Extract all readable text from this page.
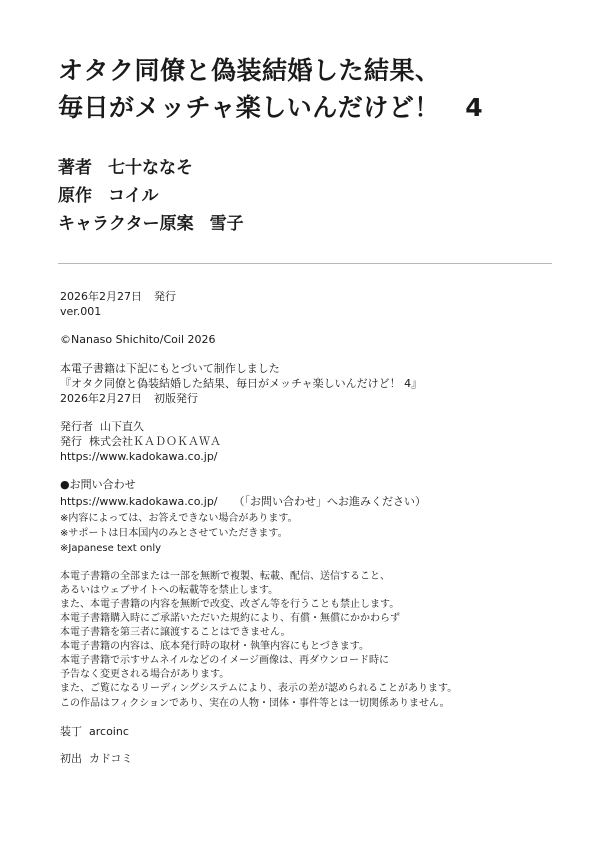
オタク同僚と偽装結婚した結果、
毎日がメッチャ楽しいんだけど！　4
著者 七十ななそ
原作 コイル
キャラクター原案 雪子
2026年2月27日 発行
ver.001
©Nanaso Shichito/Coil 2026
本電子書籍は下記にもとづいて制作しました
『オタク同僚と偽装結婚した結果、毎日がメッチャ楽しいんだけど！ 4』
2026年2月27日 初版発行
発行者 山下直久
発行 株式会社ＫＡＤＯＫＡＷＡ
https://www.kadokawa.co.jp/
●お問い合わせ
https://www.kadokawa.co.jp/ （「お問い合わせ」へお進みください）
※内容によっては、お答えできない場合があります。
※サポートは日本国内のみとさせていただきます。
※Japanese text only
本電子書籍の全部または一部を無断で複製、転載、配信、送信すること、
あるいはウェブサイトへの転載等を禁止します。
また、本電子書籍の内容を無断で改変、改ざん等を行うことも禁止します。
本電子書籍購入時にご承諾いただいた規約により、有償・無償にかかわらず
本電子書籍を第三者に譲渡することはできません。
本電子書籍の内容は、底本発行時の取材・執筆内容にもとづきます。
本電子書籍で示すサムネイルなどのイメージ画像は、再ダウンロード時に
予告なく変更される場合があります。
また、ご覧になるリーディングシステムにより、表示の差が認められることがあります。
この作品はフィクションであり、実在の人物・団体・事件等とは一切関係ありません。
装丁 arcoinc
初出 カドコミ
